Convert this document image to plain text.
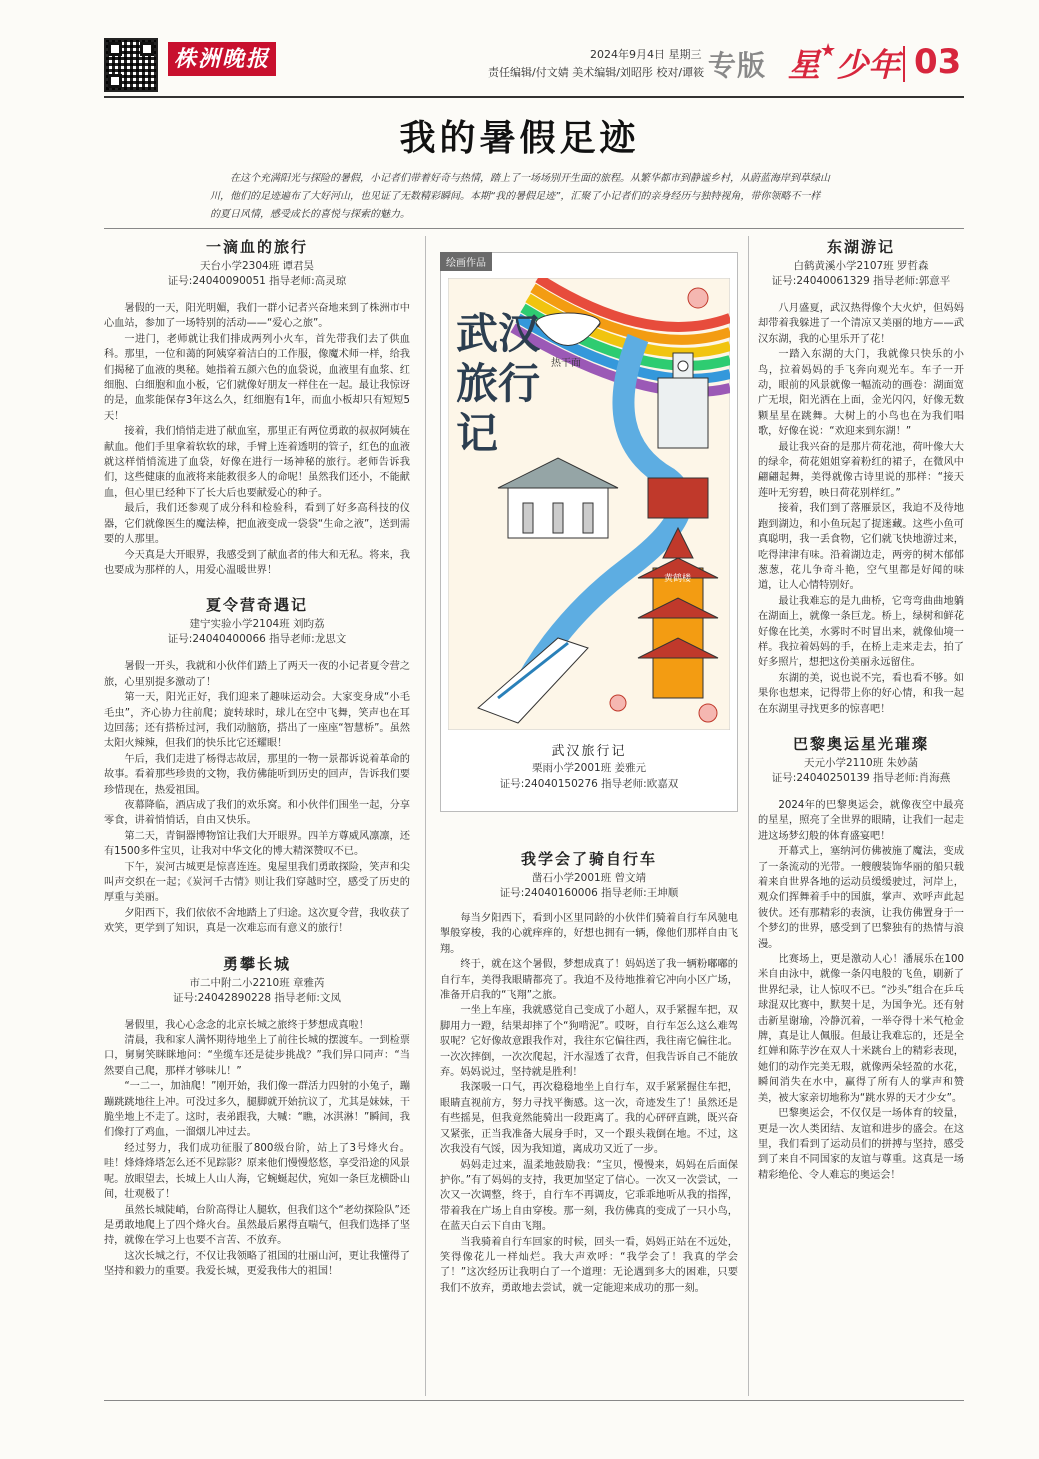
株洲晚报	2024年9月4日 星期三
责任编辑/付文婧 美术编辑/刘昭彤 校对/谭筱 专版 星★少年 03
我的暑假足迹
在这个充满阳光与探险的暑假，小记者们带着好奇与热情，踏上了一场场别开生面的旅程。从繁华都市到静谧乡村，从蔚蓝海岸到草绿山川，他们的足迹遍布了大好河山，也见证了无数精彩瞬间。本期“我的暑假足迹”，汇聚了小记者们的亲身经历与独特视角，带你领略不一样的夏日风情，感受成长的喜悦与探索的魅力。
一滴血的旅行
天台小学2304班 谭君昊
证号:24040090051 指导老师:高灵琼

暑假的一天，阳光明媚，我们一群小记者兴奋地来到了株洲市中心血站，参加了一场特别的活动——“爱心之旅”。

一进门，老师就让我们排成两列小火车，首先带我们去了供血科。那里，一位和蔼的阿姨穿着洁白的工作服，像魔术师一样，给我们揭秘了血液的奥秘。她指着五颜六色的血袋说，血液里有血浆、红细胞、白细胞和血小板，它们就像好朋友一样住在一起。最让我惊讶的是，血浆能保存3年这么久，红细胞有1年，而血小板却只有短短5天！

接着，我们悄悄走进了献血室，那里正有两位勇敢的叔叔阿姨在献血。他们手里拿着软软的球，手臂上连着透明的管子，红色的血液就这样悄悄流进了血袋，好像在进行一场神秘的旅行。老师告诉我们，这些健康的血液将来能救很多人的命呢！虽然我们还小，不能献血，但心里已经种下了长大后也要献爱心的种子。

最后，我们还参观了成分科和检验科，看到了好多高科技的仪器，它们就像医生的魔法棒，把血液变成一袋袋“生命之液”，送到需要的人那里。

今天真是大开眼界，我感受到了献血者的伟大和无私。将来，我也要成为那样的人，用爱心温暖世界！

夏令营奇遇记
建宁实验小学2104班 刘昀荔
证号:24040400066 指导老师:龙思文

暑假一开头，我就和小伙伴们踏上了两天一夜的小记者夏令营之旅，心里别提多激动了！

第一天，阳光正好，我们迎来了趣味运动会。大家变身成“小毛毛虫”，齐心协力往前爬；旋转球时，球儿在空中飞舞，笑声也在耳边回荡；还有搭桥过河，我们动脑筋，搭出了一座座“智慧桥”。虽然太阳火辣辣，但我们的快乐比它还耀眼！

午后，我们走进了杨得志故居，那里的一物一景都诉说着革命的故事。看着那些珍贵的文物，我仿佛能听到历史的回声，告诉我们要珍惜现在，热爱祖国。

夜幕降临，酒店成了我们的欢乐窝。和小伙伴们围坐一起，分享零食，讲着悄悄话，自由又快乐。

第二天，青铜器博物馆让我们大开眼界。四羊方尊威风凛凛，还有1500多件宝贝，让我对中华文化的博大精深赞叹不已。

下午，炭河古城更是惊喜连连。鬼屋里我们勇敢探险，笑声和尖叫声交织在一起；《炭河千古情》则让我们穿越时空，感受了历史的厚重与美丽。

夕阳西下，我们依依不舍地踏上了归途。这次夏令营，我收获了欢笑，更学到了知识，真是一次难忘而有意义的旅行！

勇攀长城
市二中附二小2210班 章雅芮
证号:24042890228 指导老师:文凤

暑假里，我心心念念的北京长城之旅终于梦想成真啦！

清晨，我和家人满怀期待地坐上了前往长城的摆渡车。一到检票口，舅舅笑眯眯地问：“坐缆车还是徒步挑战？”我们异口同声：“当然要自己爬，那样才够味儿！”

“一二一，加油爬！”刚开始，我们像一群活力四射的小兔子，蹦蹦跳跳地往上冲。可没过多久，腿脚就开始抗议了，尤其是妹妹，干脆坐地上不走了。这时，表弟跟我，大喊：“瞧，冰淇淋！”瞬间，我们像打了鸡血，一溜烟儿冲过去。

经过努力，我们成功征服了800级台阶，站上了3号烽火台。哇！烽烽烽塔怎么还不见踪影？原来他们慢慢悠悠，享受沿途的风景呢。放眼望去，长城上人山人海，它蜿蜒起伏，宛如一条巨龙横卧山间，壮观极了！

虽然长城陡峭，台阶高得让人腿软，但我们这个“老幼探险队”还是勇敢地爬上了四个烽火台。虽然最后累得直喘气，但我们选择了坚持，就像在学习上也要不言苦、不放弃。

这次长城之行，不仅让我领略了祖国的壮丽山河，更让我懂得了坚持和毅力的重要。我爱长城，更爱我伟大的祖国！

绘画作品
热干面
武汉
旅行
记
黄鹤楼
武汉旅行记
栗雨小学2001班 姜雅元
证号:24040150276 指导老师:欧嘉双
我学会了骑自行车
凿石小学2001班 曾文靖
证号:24040160006 指导老师:王坤顺

每当夕阳西下，看到小区里同龄的小伙伴们骑着自行车风驰电掣般穿梭，我的心就痒痒的，好想也拥有一辆，像他们那样自由飞翔。

终于，就在这个暑假，梦想成真了！妈妈送了我一辆粉嘟嘟的自行车，美得我眼睛都亮了。我迫不及待地推着它冲向小区广场，准备开启我的“飞翔”之旅。

一坐上车座，我就感觉自己变成了小超人，双手紧握车把，双脚用力一蹬，结果却摔了个“狗啃泥”。哎呀，自行车怎么这么难驾驭呢？它好像故意跟我作对，我往东它偏往西，我往南它偏往北。一次次摔倒，一次次爬起，汗水湿透了衣背，但我告诉自己不能放弃。妈妈说过，坚持就是胜利！

我深吸一口气，再次稳稳地坐上自行车，双手紧紧握住车把，眼睛直视前方，努力寻找平衡感。这一次，奇迹发生了！虽然还是有些摇晃，但我竟然能骑出一段距离了。我的心砰砰直跳，既兴奋又紧张，正当我准备大展身手时，又一个跟头栽倒在地。不过，这次我没有气馁，因为我知道，离成功又近了一步。

妈妈走过来，温柔地鼓励我：“宝贝，慢慢来，妈妈在后面保护你。”有了妈妈的支持，我更加坚定了信心。一次又一次尝试，一次又一次调整，终于，自行车不再调皮，它乖乖地听从我的指挥，带着我在广场上自由穿梭。那一刻，我仿佛真的变成了一只小鸟，在蓝天白云下自由飞翔。

当我骑着自行车回家的时候，回头一看，妈妈正站在不远处，笑得像花儿一样灿烂。我大声欢呼：“我学会了！我真的学会了！”这次经历让我明白了一个道理：无论遇到多大的困难，只要我们不放弃，勇敢地去尝试，就一定能迎来成功的那一刻。

东湖游记
白鹤黄溪小学2107班 罗哲森
证号:24040061329 指导老师:郭意平

八月盛夏，武汉热得像个大火炉，但妈妈却带着我躲进了一个清凉又美丽的地方——武汉东湖，我的心里乐开了花！

一踏入东湖的大门，我就像只快乐的小鸟，拉着妈妈的手飞奔向观光车。车子一开动，眼前的风景就像一幅流动的画卷：湖面宽广无垠，阳光洒在上面，金光闪闪，好像无数颗星星在跳舞。大树上的小鸟也在为我们唱歌，好像在说：“欢迎来到东湖！”

最让我兴奋的是那片荷花池，荷叶像大大的绿伞，荷花姐姐穿着粉红的裙子，在微风中翩翩起舞，美得就像古诗里说的那样：“接天莲叶无穷碧，映日荷花别样红。”

接着，我们到了落雁景区，我迫不及待地跑到湖边，和小鱼玩起了捉迷藏。这些小鱼可真聪明，我一丢食物，它们就飞快地游过来，吃得津津有味。沿着湖边走，两旁的树木郁郁葱葱，花儿争奇斗艳，空气里都是好闻的味道，让人心情特别好。

最让我难忘的是九曲桥，它弯弯曲曲地躺在湖面上，就像一条巨龙。桥上，绿树和鲜花好像在比美，水雾时不时冒出来，就像仙境一样。我拉着妈妈的手，在桥上走来走去，拍了好多照片，想把这份美丽永远留住。

东湖的美，说也说不完，看也看不够。如果你也想来，记得带上你的好心情，和我一起在东湖里寻找更多的惊喜吧！

巴黎奥运星光璀璨
天元小学2110班 朱妙菡
证号:24040250139 指导老师:肖海燕

2024年的巴黎奥运会，就像夜空中最亮的星星，照亮了全世界的眼睛，让我们一起走进这场梦幻般的体育盛宴吧！

开幕式上，塞纳河仿佛被施了魔法，变成了一条流动的光带。一艘艘装饰华丽的船只载着来自世界各地的运动员缓缓驶过，河岸上，观众们挥舞着手中的国旗，掌声、欢呼声此起彼伏。还有那精彩的表演，让我仿佛置身于一个梦幻的世界，感受到了巴黎独有的热情与浪漫。

比赛场上，更是激动人心！潘展乐在100米自由泳中，就像一条闪电般的飞鱼，刷新了世界纪录，让人惊叹不已。“沙头”组合在乒乓球混双比赛中，默契十足，为国争光。还有射击新星谢瑜，冷静沉着，一举夺得十米气枪金牌，真是让人佩服。但最让我难忘的，还是全红婵和陈芋汐在双人十米跳台上的精彩表现，她们的动作完美无瑕，就像两朵轻盈的水花，瞬间消失在水中，赢得了所有人的掌声和赞美，被大家亲切地称为“跳水界的天才少女”。

巴黎奥运会，不仅仅是一场体育的较量，更是一次人类团结、友谊和进步的盛会。在这里，我们看到了运动员们的拼搏与坚持，感受到了来自不同国家的友谊与尊重。这真是一场精彩绝伦、令人难忘的奥运会！
